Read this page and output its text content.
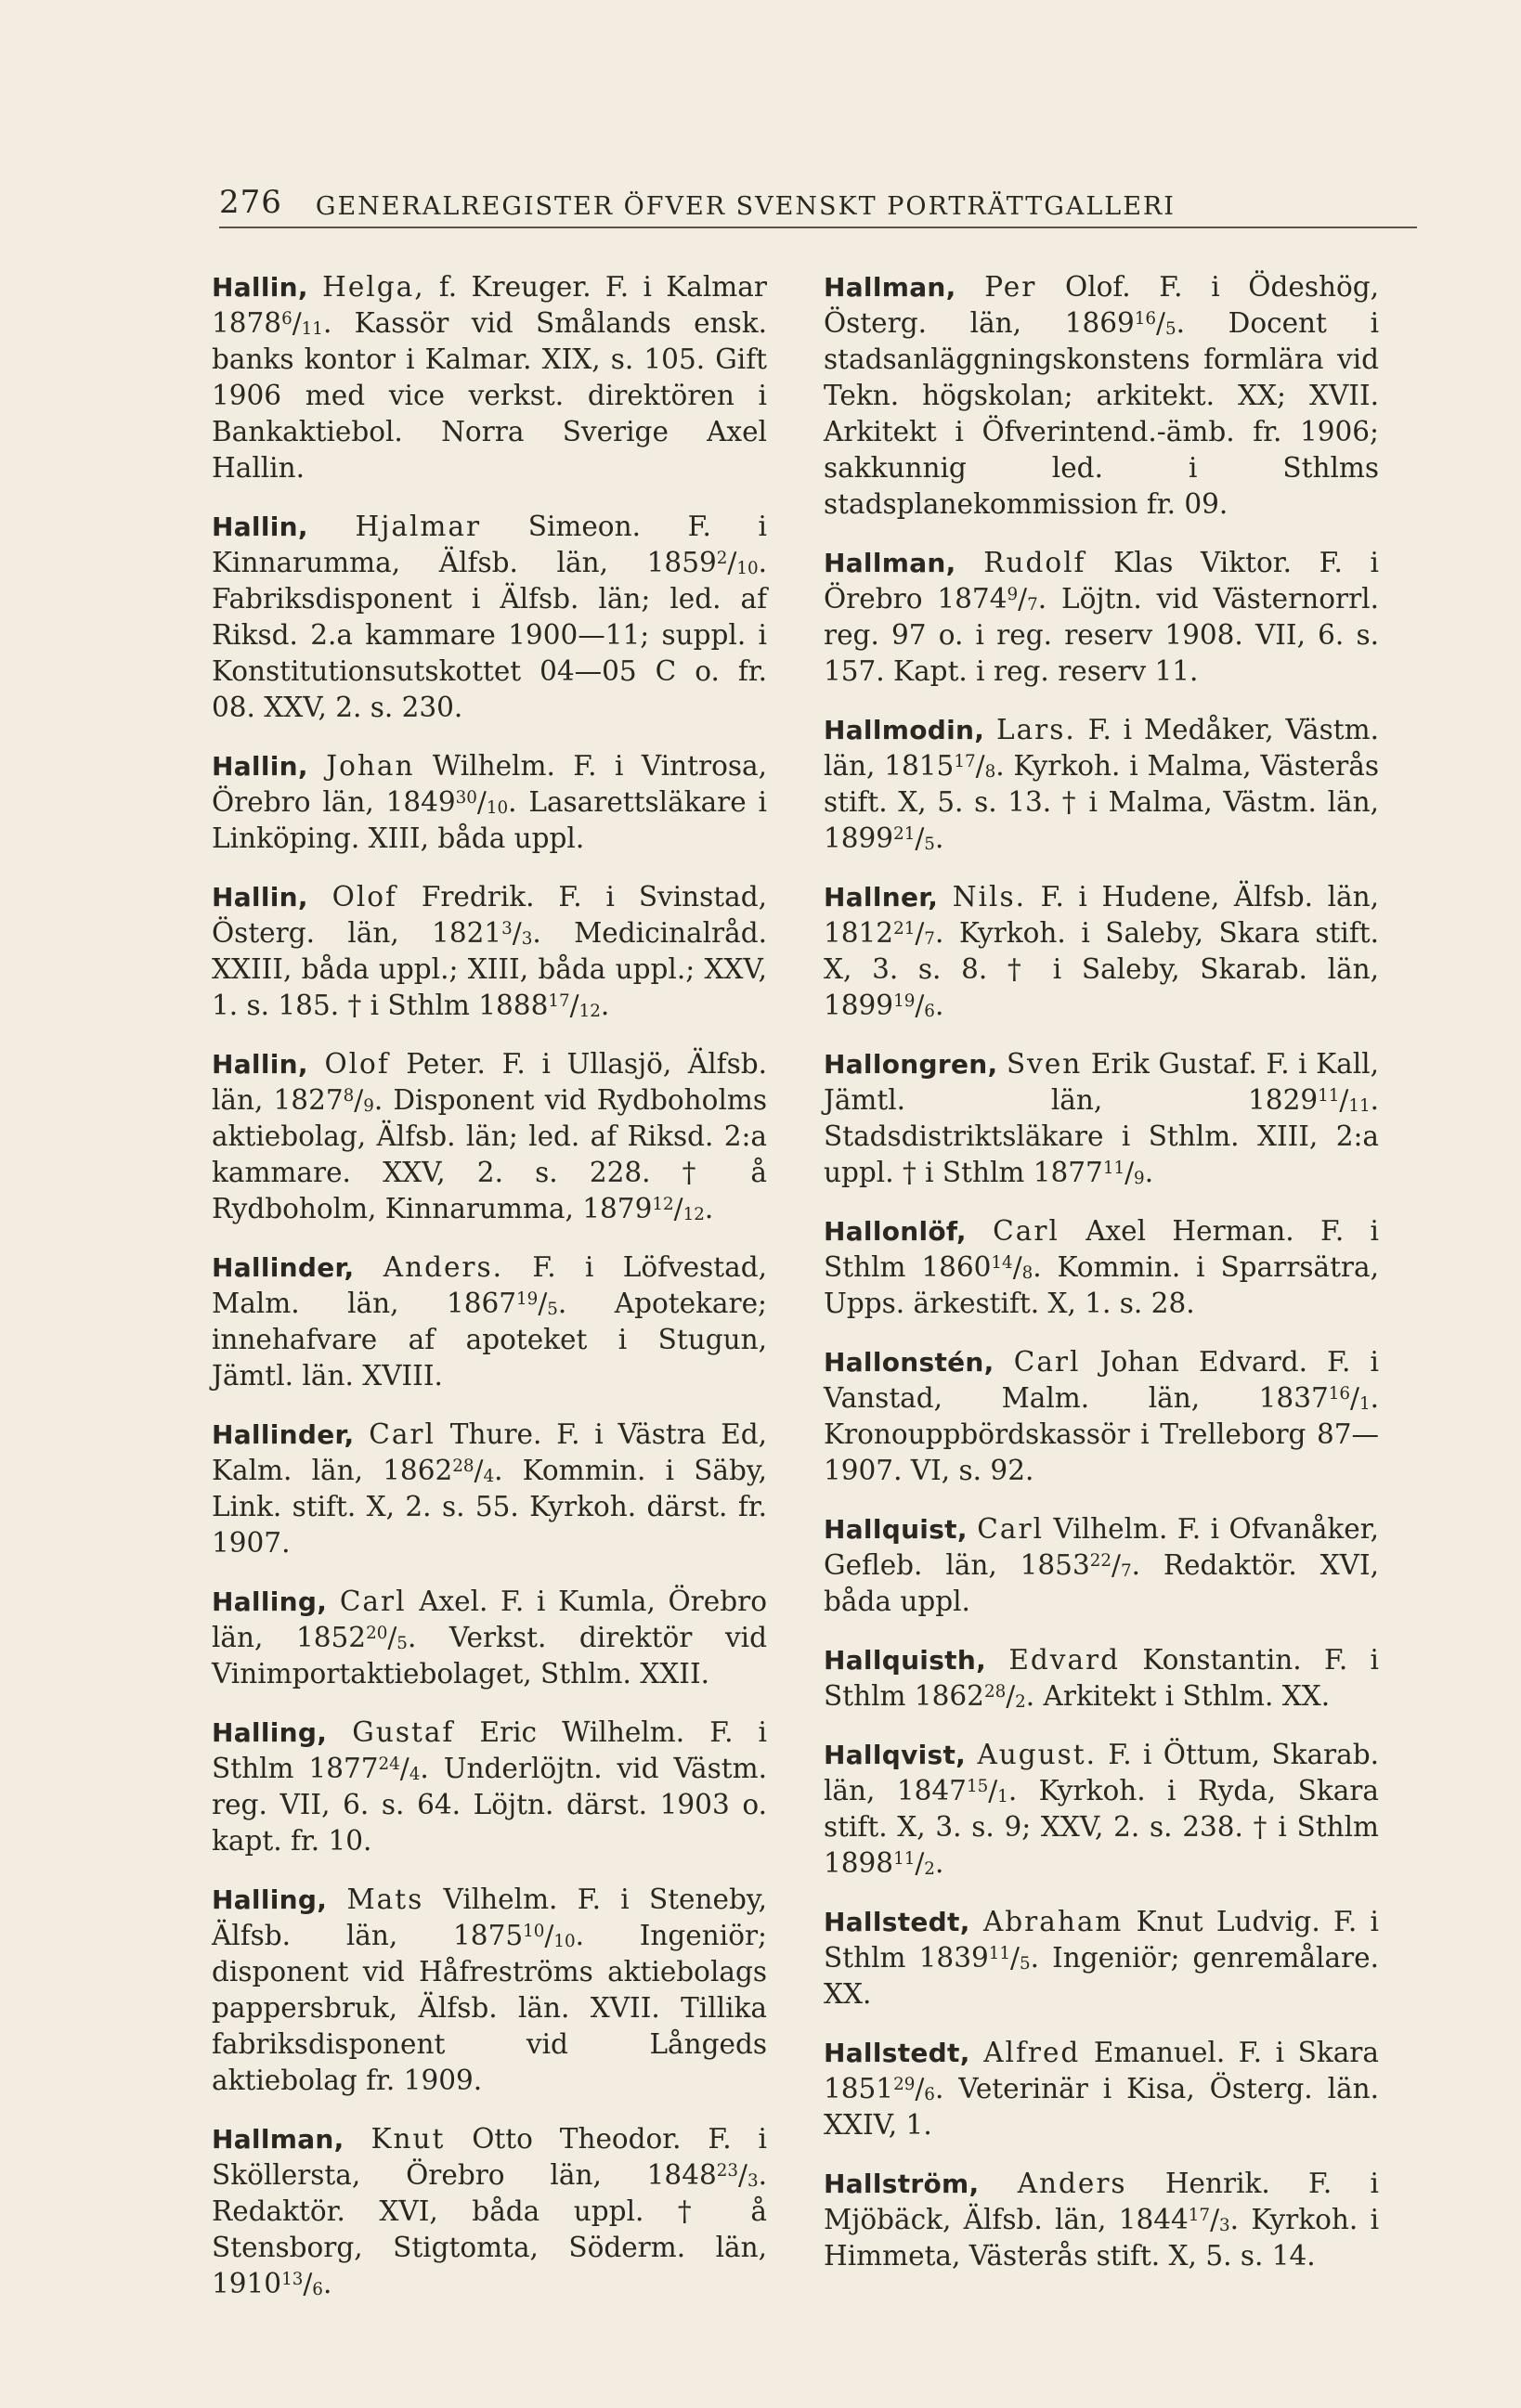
276 GENERALREGISTER ÖFVER SVENSKT PORTRÄTTGALLERI

Hallin, Helga, f. Kreuger. F. i Kalmar $1878^6/_{11}$. Kassör vid Smålands ensk. banks kontor i Kalmar. XIX, s. 105. Gift 1906 med vice verkst. direktören i Bankaktiebol. Norra Sverige Axel Hallin.

Hallin, Hjalmar Simeon. F. i Kinnarumma, Älfsb. län, $1859^2/_{10}$. Fabriksdisponent i Älfsb. län; led. af Riksd. 2.a kammare 1900—11; suppl. i Konstitutionsutskottet 04—05 C o. fr. 08. XXV, 2. s. 230.

Hallin, Johan Wilhelm. F. i Vintrosa, Örebro län, $1849^{30}/_{10}$. Lasarettsläkare i Linköping. XIII, båda uppl.

Hallin, Olof Fredrik. F. i Svinstad, Österg. län, $1821^3/_3$. Medicinalråd. XXIII, båda uppl.; XIII, båda uppl.; XXV, 1. s. 185. † i Sthlm $1888^{17}/_{12}$.

Hallin, Olof Peter. F. i Ullasjö, Älfsb. län, $1827^8/_9$. Disponent vid Rydboholms aktiebolag, Älfsb. län; led. af Riksd. 2:a kammare. XXV, 2. s. 228. † å Rydboholm, Kinnarumma, $1879^{12}/_{12}$.

Hallinder, Anders. F. i Löfvestad, Malm. län, $1867^{19}/_5$. Apotekare; innehafvare af apoteket i Stugun, Jämtl. län. XVIII.

Hallinder, Carl Thure. F. i Västra Ed, Kalm. län, $1862^{28}/_4$. Kommin. i Säby, Link. stift. X, 2. s. 55. Kyrkoh. därst. fr. 1907.

Halling, Carl Axel. F. i Kumla, Örebro län, $1852^{20}/_5$. Verkst. direktör vid Vinimportaktiebolaget, Sthlm. XXII.

Halling, Gustaf Eric Wilhelm. F. i Sthlm $1877^{24}/_4$. Underlöjtn. vid Västm. reg. VII, 6. s. 64. Löjtn. därst. 1903 o. kapt. fr. 10.

Halling, Mats Vilhelm. F. i Steneby, Älfsb. län, $1875^{10}/_{10}$. Ingeniör; disponent vid Håfreströms aktiebolags pappersbruk, Älfsb. län. XVII. Tillika fabriksdisponent vid Långeds aktiebolag fr. 1909.

Hallman, Knut Otto Theodor. F. i Sköllersta, Örebro län, $1848^{23}/_3$. Redaktör. XVI, båda uppl. † å Stensborg, Stigtomta, Söderm. län, $1910^{13}/_6$.

Hallman, Per Olof. F. i Ödeshög, Österg. län, $1869^{16}/_5$. Docent i stadsanläggningskonstens formlära vid Tekn. högskolan; arkitekt. XX; XVII. Arkitekt i Öfverintend.-ämb. fr. 1906; sakkunnig led. i Sthlms stadsplanekommission fr. 09.

Hallman, Rudolf Klas Viktor. F. i Örebro $1874^9/_7$. Löjtn. vid Västernorrl. reg. 97 o. i reg. reserv 1908. VII, 6. s. 157. Kapt. i reg. reserv 11.

Hallmodin, Lars. F. i Medåker, Västm. län, $1815^{17}/_8$. Kyrkoh. i Malma, Västerås stift. X, 5. s. 13. † i Malma, Västm. län, $1899^{21}/_5$.

Hallner, Nils. F. i Hudene, Älfsb. län, $1812^{21}/_7$. Kyrkoh. i Saleby, Skara stift. X, 3. s. 8. † i Saleby, Skarab. län, $1899^{19}/_6$.

Hallongren, Sven Erik Gustaf. F. i Kall, Jämtl. län, $1829^{11}/_{11}$. Stadsdistriktsläkare i Sthlm. XIII, 2:a uppl. † i Sthlm $1877^{11}/_9$.

Hallonlöf, Carl Axel Herman. F. i Sthlm $1860^{14}/_8$. Kommin. i Sparrsätra, Upps. ärkestift. X, 1. s. 28.

Hallonstén, Carl Johan Edvard. F. i Vanstad, Malm. län, $1837^{16}/_1$. Kronouppbördskassör i Trelleborg 87—1907. VI, s. 92.

Hallquist, Carl Vilhelm. F. i Ofvanåker, Gefleb. län, $1853^{22}/_7$. Redaktör. XVI, båda uppl.

Hallquisth, Edvard Konstantin. F. i Sthlm $1862^{28}/_2$. Arkitekt i Sthlm. XX.

Hallqvist, August. F. i Öttum, Skarab. län, $1847^{15}/_1$. Kyrkoh. i Ryda, Skara stift. X, 3. s. 9; XXV, 2. s. 238. † i Sthlm $1898^{11}/_2$.

Hallstedt, Abraham Knut Ludvig. F. i Sthlm $1839^{11}/_5$. Ingeniör; genremålare. XX.

Hallstedt, Alfred Emanuel. F. i Skara $1851^{29}/_6$. Veterinär i Kisa, Österg. län. XXIV, 1.

Hallström, Anders Henrik. F. i Mjöbäck, Älfsb. län, $1844^{17}/_3$. Kyrkoh. i Himmeta, Västerås stift. X, 5. s. 14.
